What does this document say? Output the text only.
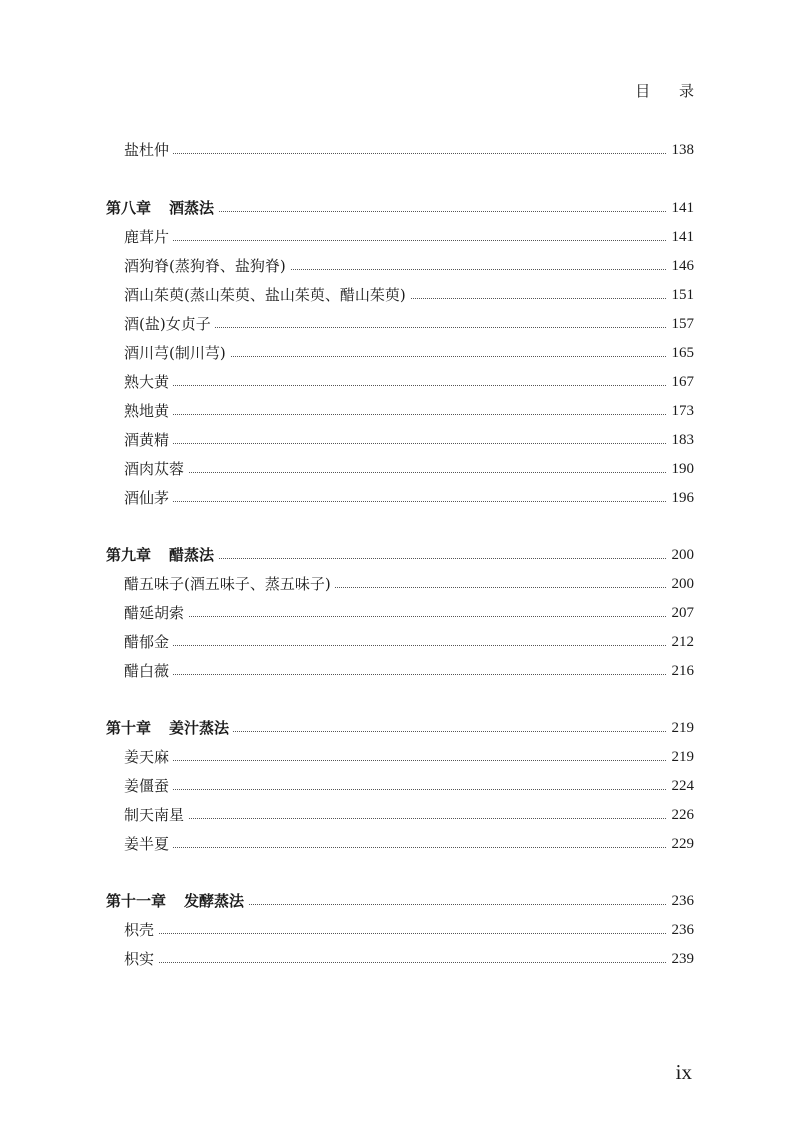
目 录
盐杜仲	138
第八章 酒蒸法	141
鹿茸片	141
酒狗脊(蒸狗脊、盐狗脊)	146
酒山茱萸(蒸山茱萸、盐山茱萸、醋山茱萸)	151
酒(盐)女贞子	157
酒川芎(制川芎)	165
熟大黄	167
熟地黄	173
酒黄精	183
酒肉苁蓉	190
酒仙茅	196
第九章 醋蒸法	200
醋五味子(酒五味子、蒸五味子)	200
醋延胡索	207
醋郁金	212
醋白薇	216
第十章 姜汁蒸法	219
姜天麻	219
姜僵蚕	224
制天南星	226
姜半夏	229
第十一章 发酵蒸法	236
枳壳	236
枳实	239
ix
